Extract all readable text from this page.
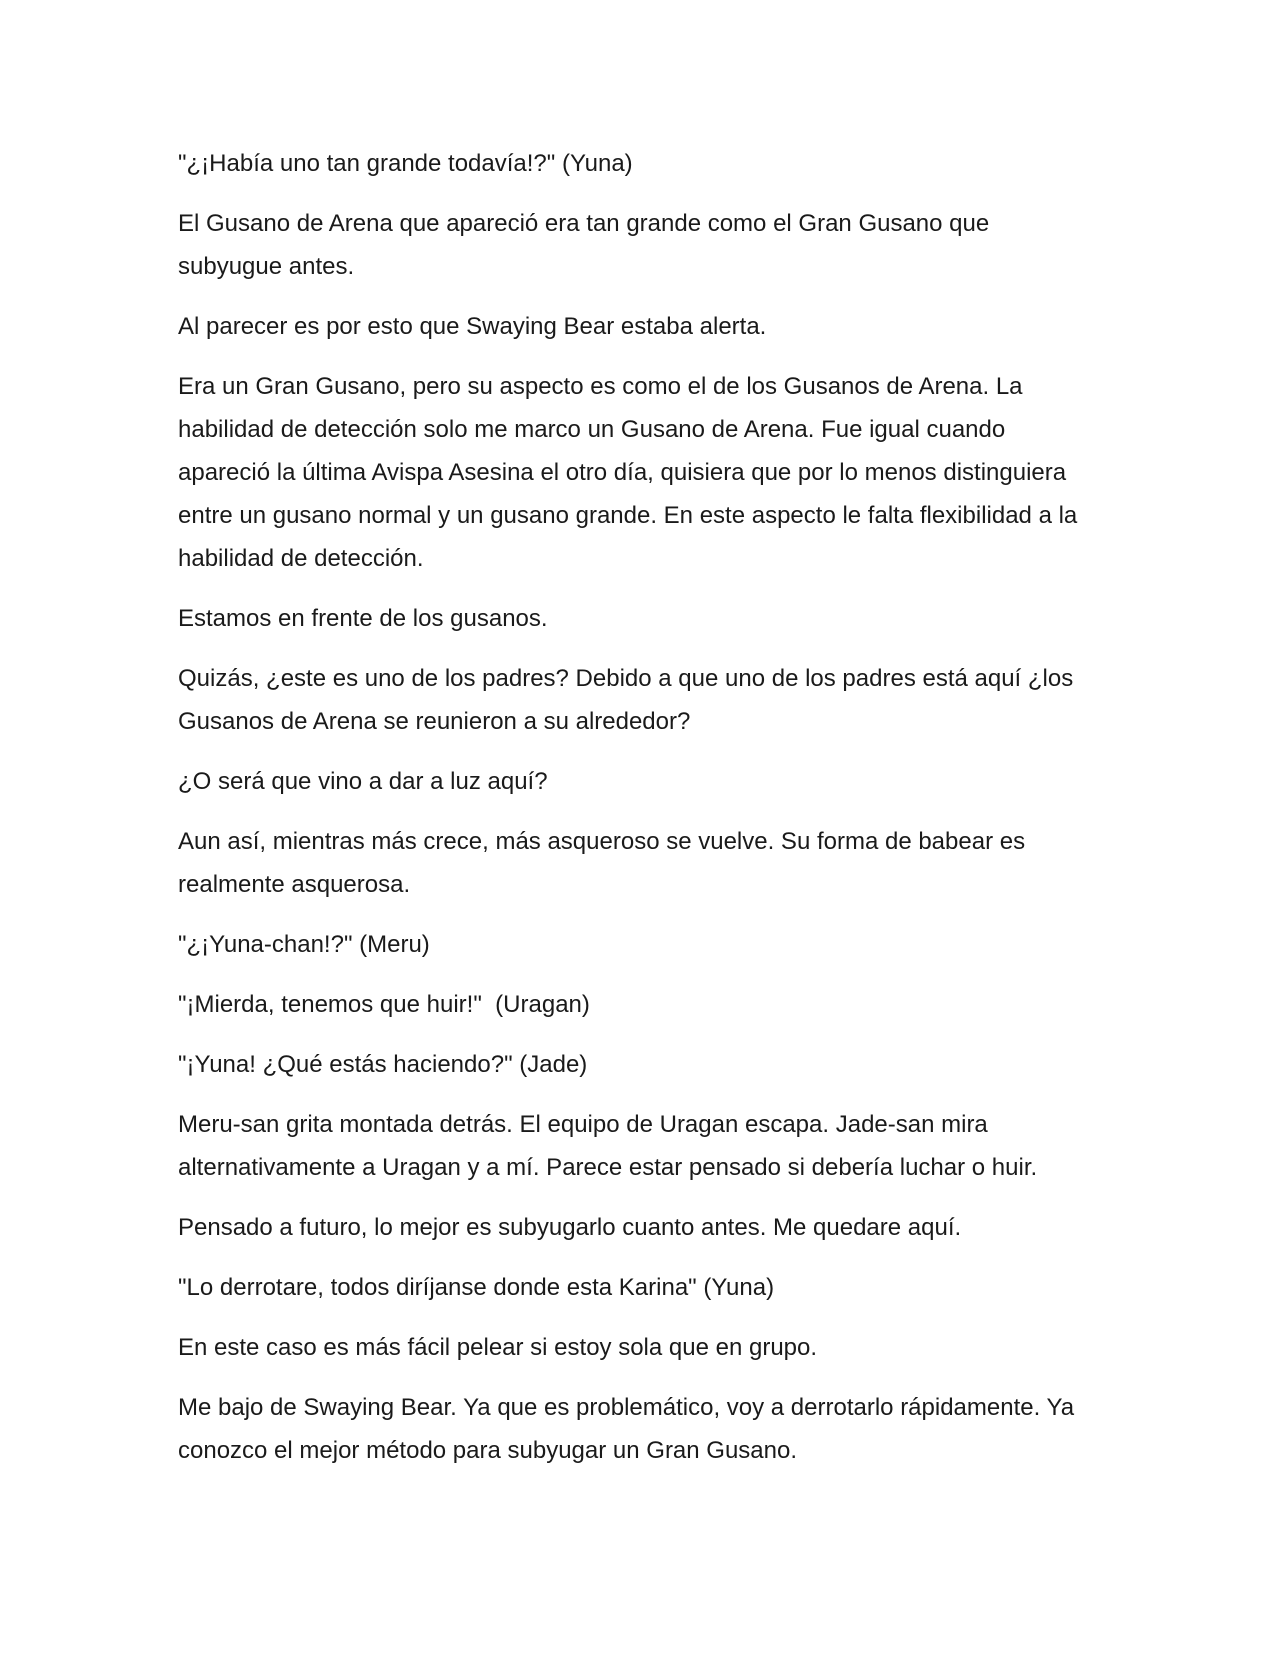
"¿¡Había uno tan grande todavía!?" (Yuna)

El Gusano de Arena que apareció era tan grande como el Gran Gusano que subyugue antes.

Al parecer es por esto que Swaying Bear estaba alerta.

Era un Gran Gusano, pero su aspecto es como el de los Gusanos de Arena. La habilidad de detección solo me marco un Gusano de Arena. Fue igual cuando apareció la última Avispa Asesina el otro día, quisiera que por lo menos distinguiera entre un gusano normal y un gusano grande. En este aspecto le falta flexibilidad a la habilidad de detección.

Estamos en frente de los gusanos.

Quizás, ¿este es uno de los padres? Debido a que uno de los padres está aquí ¿los Gusanos de Arena se reunieron a su alrededor?

¿O será que vino a dar a luz aquí?

Aun así, mientras más crece, más asqueroso se vuelve. Su forma de babear es realmente asquerosa.

"¿¡Yuna-chan!?" (Meru)

"¡Mierda, tenemos que huir!"  (Uragan)

"¡Yuna! ¿Qué estás haciendo?" (Jade)

Meru-san grita montada detrás. El equipo de Uragan escapa. Jade-san mira alternativamente a Uragan y a mí. Parece estar pensado si debería luchar o huir.

Pensado a futuro, lo mejor es subyugarlo cuanto antes. Me quedare aquí.

"Lo derrotare, todos diríjanse donde esta Karina" (Yuna)

En este caso es más fácil pelear si estoy sola que en grupo.

Me bajo de Swaying Bear. Ya que es problemático, voy a derrotarlo rápidamente. Ya conozco el mejor método para subyugar un Gran Gusano.
